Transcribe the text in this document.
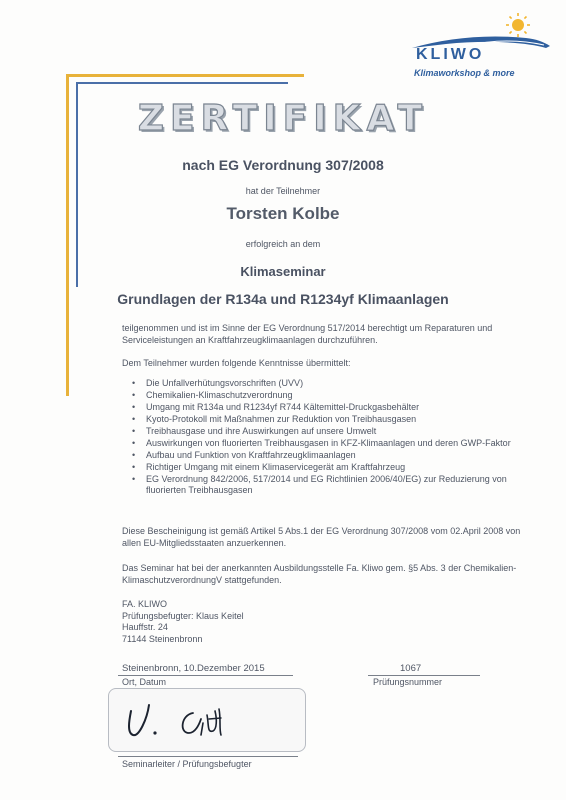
KLIWO
Klimaworkshop & more
ZERTIFIKAT
nach EG Verordnung 307/2008
hat der Teilnehmer
Torsten Kolbe
erfolgreich an dem
Klimaseminar
Grundlagen der R134a und R1234yf Klimaanlagen
teilgenommen und ist im Sinne der EG Verordnung 517/2014 berechtigt um Reparaturen und Serviceleistungen an Kraftfahrzeugklimaanlagen durchzuführen.
Dem Teilnehmer wurden folgende Kenntnisse übermittelt:
• Die Unfallverhütungsvorschriften (UVV)
• Chemikalien-Klimaschutzverordnung
• Umgang mit R134a und R1234yf R744 Kältemittel-Druckgasbehälter
• Kyoto-Protokoll mit Maßnahmen zur Reduktion von Treibhausgasen
• Treibhausgase und ihre Auswirkungen auf unsere Umwelt
• Auswirkungen von fluorierten Treibhausgasen in KFZ-Klimaanlagen und deren GWP-Faktor
• Aufbau und Funktion von Kraftfahrzeugklimaanlagen
• Richtiger Umgang mit einem Klimaservicegerät am Kraftfahrzeug
• EG Verordnung 842/2006, 517/2014 und EG Richtlinien 2006/40/EG) zur Reduzierung von fluorierten Treibhausgasen
Diese Bescheinigung ist gemäß Artikel 5 Abs.1 der EG Verordnung 307/2008 vom 02.April 2008 von allen EU-Mitgliedsstaaten anzuerkennen.
Das Seminar hat bei der anerkannten Ausbildungsstelle Fa. Kliwo gem. §5 Abs. 3 der Chemikalien-KlimaschutzverordnungV stattgefunden.
FA. KLIWO
Prüfungsbefugter: Klaus Keitel
Hauffstr. 24
71144 Steinenbronn
Steinenbronn, 10.Dezember 2015
Ort, Datum
1067
Prüfungsnummer
Seminarleiter / Prüfungsbefugter
